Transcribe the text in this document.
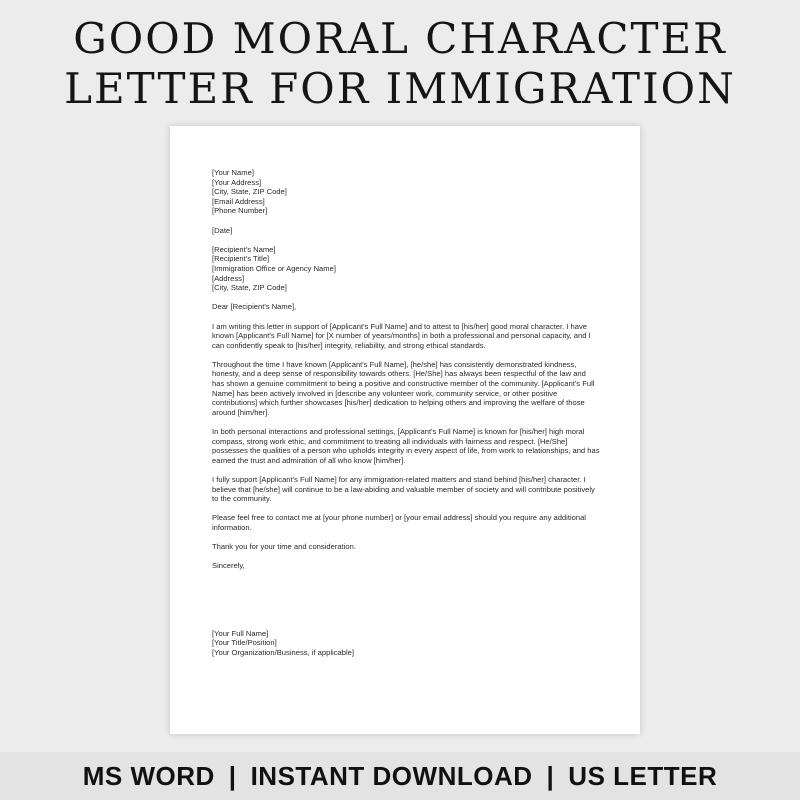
GOOD MORAL CHARACTER
LETTER FOR IMMIGRATION

[Your Name]
[Your Address]
[City, State, ZIP Code]
[Email Address]
[Phone Number]

[Date]

[Recipient's Name]
[Recipient's Title]
[Immigration Office or Agency Name]
[Address]
[City, State, ZIP Code]

Dear [Recipient's Name],

I am writing this letter in support of [Applicant's Full Name] and to attest to [his/her] good moral character. I have known [Applicant's Full Name] for [X number of years/months] in both a professional and personal capacity, and I can confidently speak to [his/her] integrity, reliability, and strong ethical standards.

Throughout the time I have known [Applicant's Full Name], [he/she] has consistently demonstrated kindness, honesty, and a deep sense of responsibility towards others. [He/She] has always been respectful of the law and has shown a genuine commitment to being a positive and constructive member of the community. [Applicant's Full Name] has been actively involved in [describe any volunteer work, community service, or other positive contributions] which further showcases [his/her] dedication to helping others and improving the welfare of those around [him/her].

In both personal interactions and professional settings, [Applicant's Full Name] is known for [his/her] high moral compass, strong work ethic, and commitment to treating all individuals with fairness and respect. [He/She] possesses the qualities of a person who upholds integrity in every aspect of life, from work to relationships, and has earned the trust and admiration of all who know [him/her].

I fully support [Applicant's Full Name] for any immigration-related matters and stand behind [his/her] character. I believe that [he/she] will continue to be a law-abiding and valuable member of society and will contribute positively to the community.

Please feel free to contact me at [your phone number] or [your email address] should you require any additional information.

Thank you for your time and consideration.

Sincerely,

[Your Full Name]
[Your Title/Position]
[Your Organization/Business, if applicable]

MS WORD | INSTANT DOWNLOAD | US LETTER
